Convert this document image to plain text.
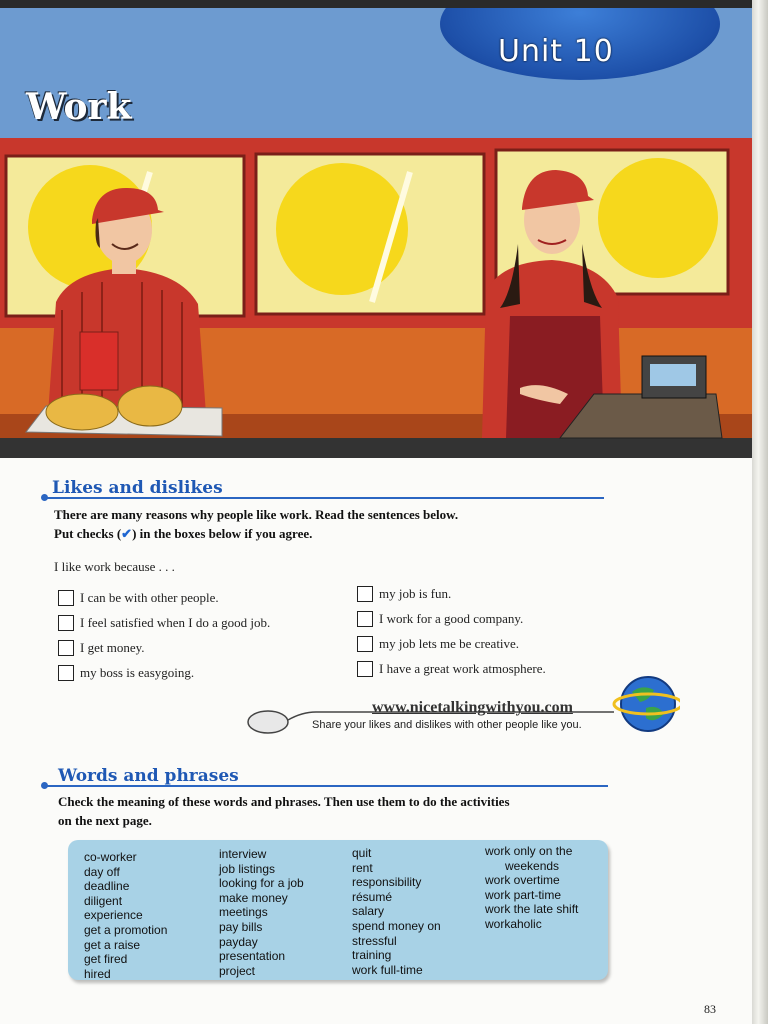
Unit 10
Work
Likes and dislikes
There are many reasons why people like work. Read the sentences below.
Put checks (✔) in the boxes below if you agree.
I like work because . . .
I can be with other people.
I feel satisfied when I do a good job.
I get money.
my boss is easygoing.
my job is fun.
I work for a good company.
my job lets me be creative.
I have a great work atmosphere.
www.nicetalkingwithyou.com
Share your likes and dislikes with other people like you.
Words and phrases
Check the meaning of these words and phrases. Then use them to do the activities
on the next page.
co-worker
day off
deadline
diligent
experience
get a promotion
get a raise
get fired
hired
interview
job listings
looking for a job
make money
meetings
pay bills
payday
presentation
project
quit
rent
responsibility
résumé
salary
spend money on
stressful
training
work full-time
work only on the
weekends
work overtime
work part-time
work the late shift
workaholic
83
